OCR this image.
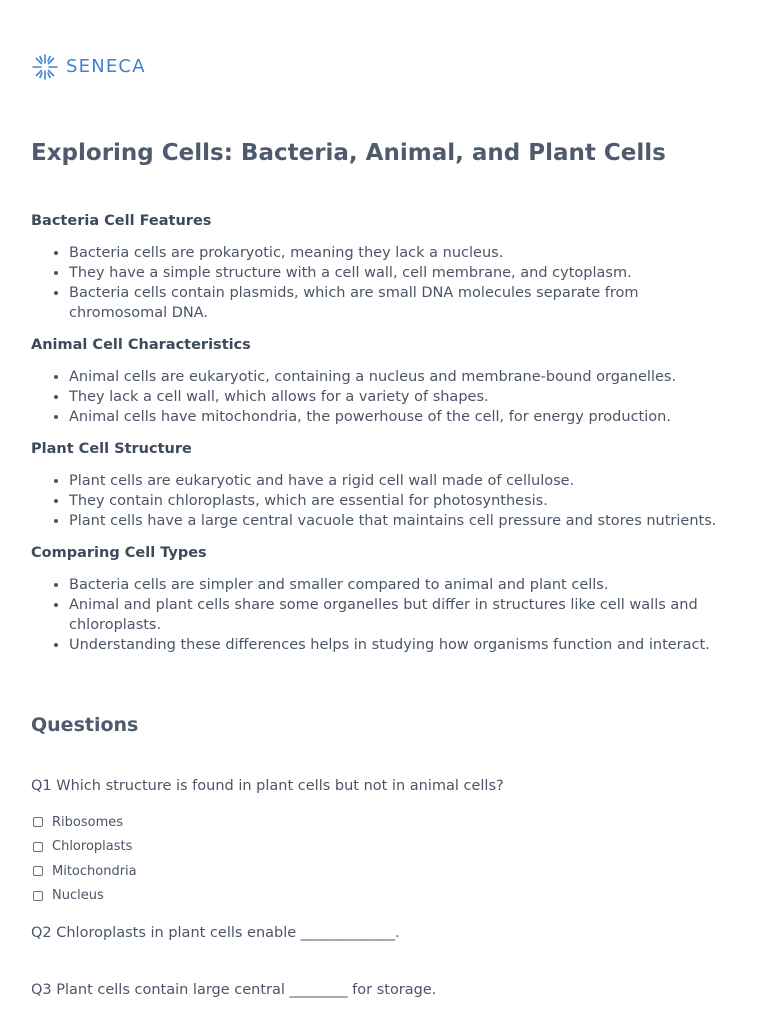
SENECA
Exploring Cells: Bacteria, Animal, and Plant Cells
Bacteria Cell Features
• Bacteria cells are prokaryotic, meaning they lack a nucleus.
• They have a simple structure with a cell wall, cell membrane, and cytoplasm.
• Bacteria cells contain plasmids, which are small DNA molecules separate from chromosomal DNA.
Animal Cell Characteristics
• Animal cells are eukaryotic, containing a nucleus and membrane-bound organelles.
• They lack a cell wall, which allows for a variety of shapes.
• Animal cells have mitochondria, the powerhouse of the cell, for energy production.
Plant Cell Structure
• Plant cells are eukaryotic and have a rigid cell wall made of cellulose.
• They contain chloroplasts, which are essential for photosynthesis.
• Plant cells have a large central vacuole that maintains cell pressure and stores nutrients.
Comparing Cell Types
• Bacteria cells are simpler and smaller compared to animal and plant cells.
• Animal and plant cells share some organelles but differ in structures like cell walls and chloroplasts.
• Understanding these differences helps in studying how organisms function and interact.
Questions

Q1 Which structure is found in plant cells but not in animal cells?

Ribosomes
Chloroplasts
Mitochondria
Nucleus

Q2 Chloroplasts in plant cells enable _____________.

Q3 Plant cells contain large central ________ for storage.
